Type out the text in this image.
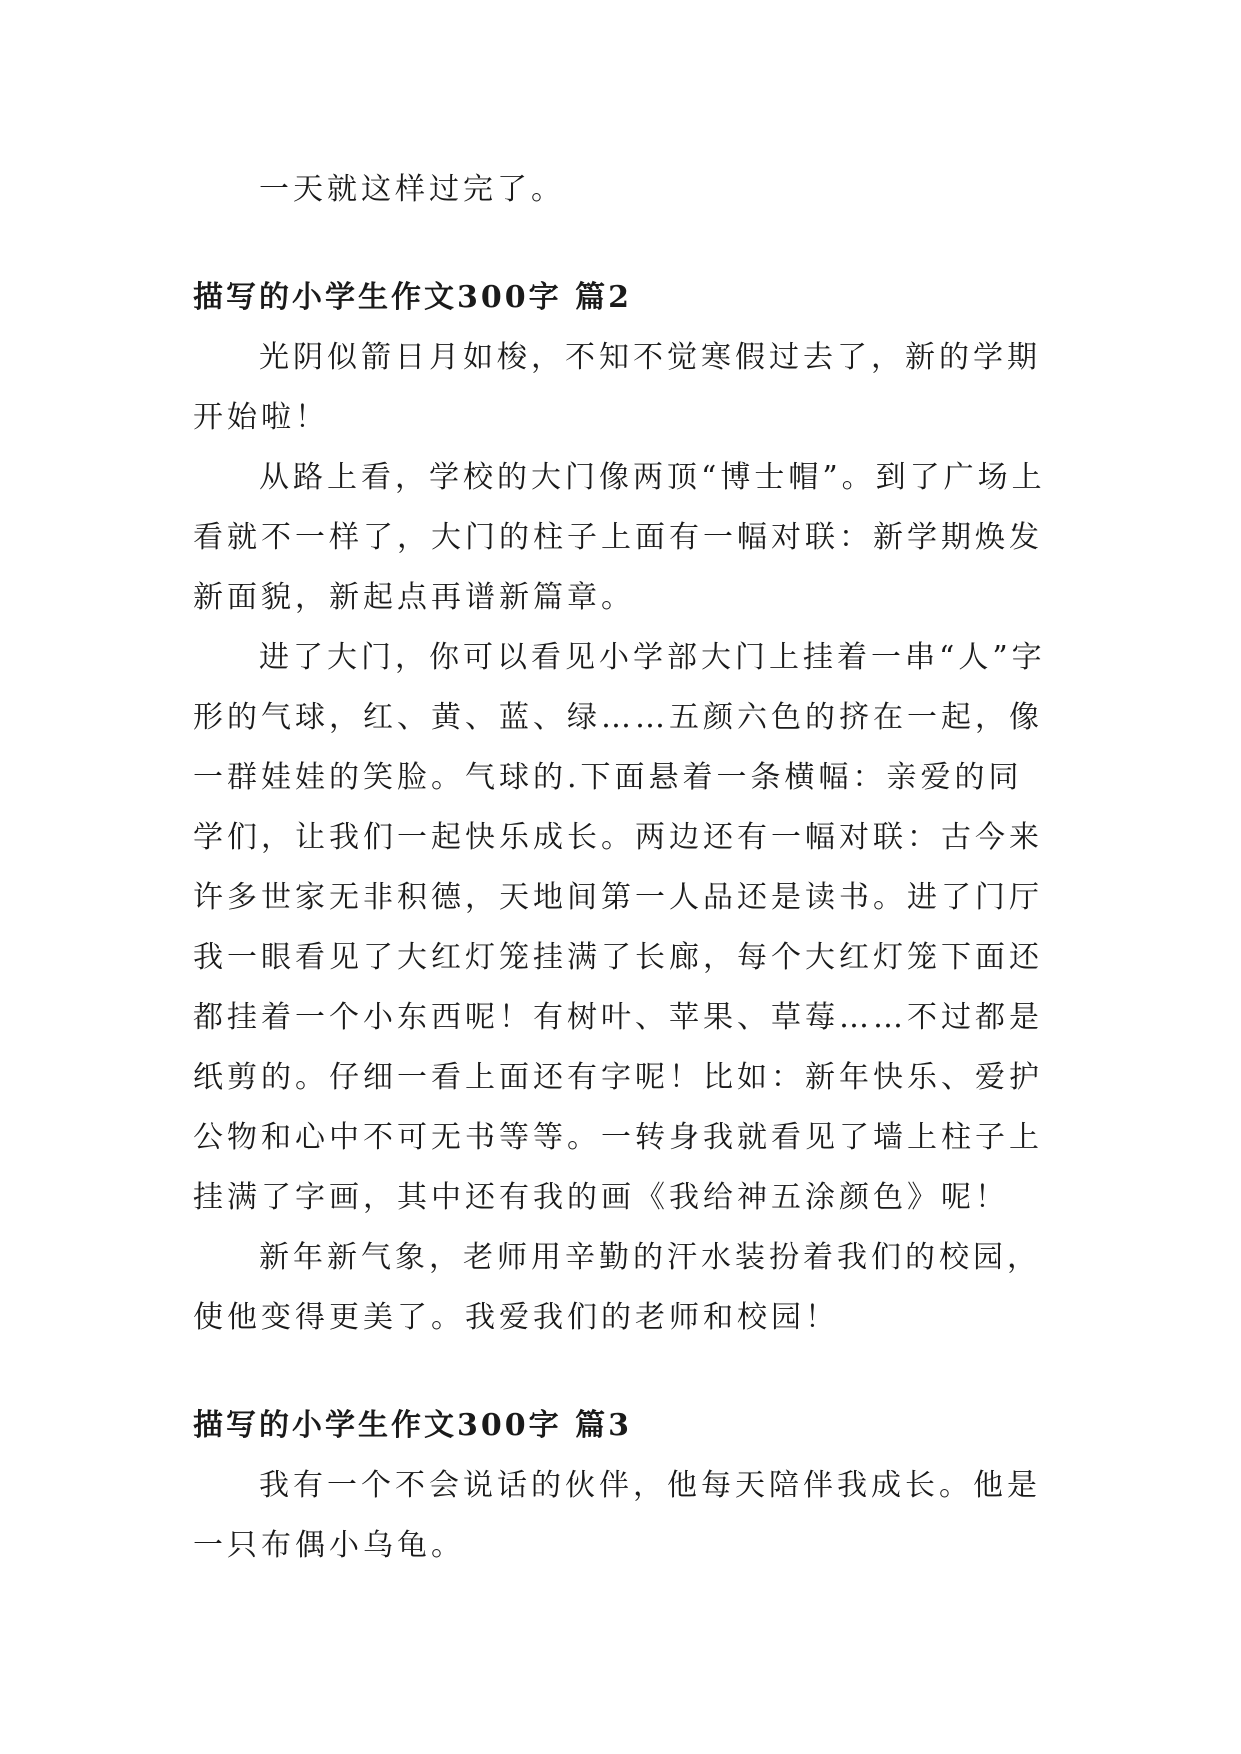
一天就这样过完了。

描写的小学生作文300字 篇2

光阴似箭日月如梭，不知不觉寒假过去了，新的学期开始啦！

从路上看，学校的大门像两顶“博士帽”。到了广场上看就不一样了，大门的柱子上面有一幅对联：新学期焕发新面貌，新起点再谱新篇章。

进了大门，你可以看见小学部大门上挂着一串“人”字形的气球，红、黄、蓝、绿……五颜六色的挤在一起，像一群娃娃的笑脸。气球的.下面悬着一条横幅：亲爱的同学们，让我们一起快乐成长。两边还有一幅对联：古今来许多世家无非积德，天地间第一人品还是读书。进了门厅我一眼看见了大红灯笼挂满了长廊，每个大红灯笼下面还都挂着一个小东西呢！有树叶、苹果、草莓……不过都是纸剪的。仔细一看上面还有字呢！比如：新年快乐、爱护公物和心中不可无书等等。一转身我就看见了墙上柱子上挂满了字画，其中还有我的画《我给神五涂颜色》呢！

新年新气象，老师用辛勤的汗水装扮着我们的校园，使他变得更美了。我爱我们的老师和校园！

描写的小学生作文300字 篇3

我有一个不会说话的伙伴，他每天陪伴我成长。他是一只布偶小乌龟。
